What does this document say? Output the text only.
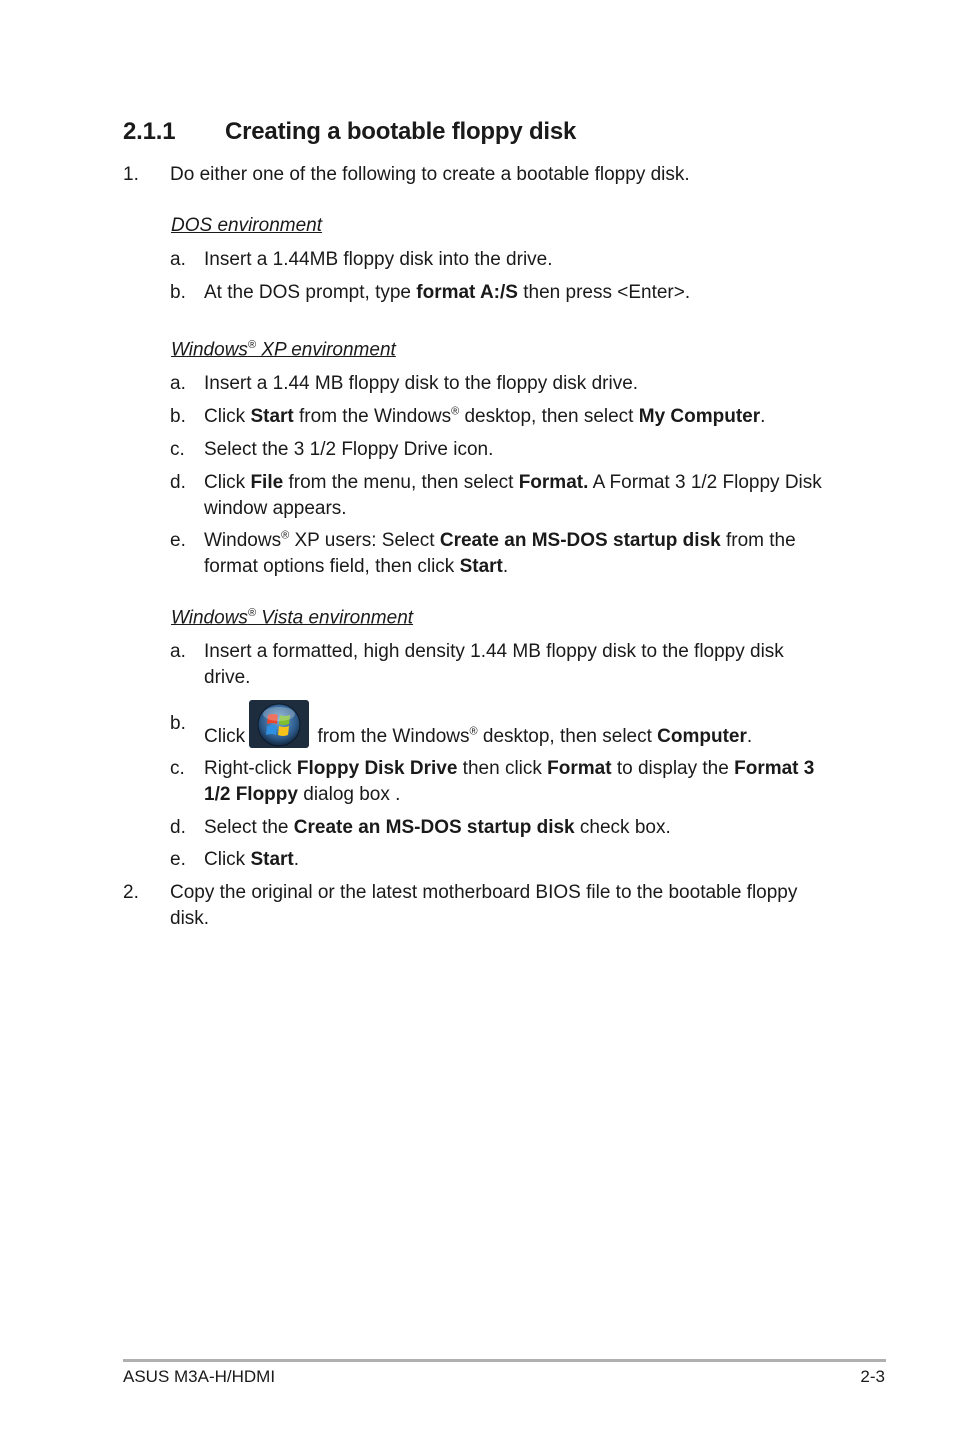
2.1.1	Creating a bootable floppy disk
1.	Do either one of the following to create a bootable floppy disk.
DOS environment
a. Insert a 1.44MB floppy disk into the drive.
b. At the DOS prompt, type format A:/S then press <Enter>.
Windows® XP environment
a. Insert a 1.44 MB floppy disk to the floppy disk drive.
b. Click Start from the Windows® desktop, then select My Computer.
c.	Select the 3 1/2 Floppy Drive icon.
d. Click File from the menu, then select Format. A Format 3 1/2 Floppy Disk window appears.
e. Windows® XP users: Select Create an MS-DOS startup disk from the format options field, then click Start.
Windows® Vista environment
a. Insert a formatted, high density 1.44 MB floppy disk to the floppy disk drive.
b.
Click	from the Windows® desktop, then select Computer.
c.	Right-click Floppy Disk Drive then click Format to display the Format 3 1/2 Floppy dialog box .
d. Select the Create an MS-DOS startup disk check box.
e. Click Start.
2.	Copy the original or the latest motherboard BIOS file to the bootable floppy disk.
ASUS M3A-H/HDMI	2-3
